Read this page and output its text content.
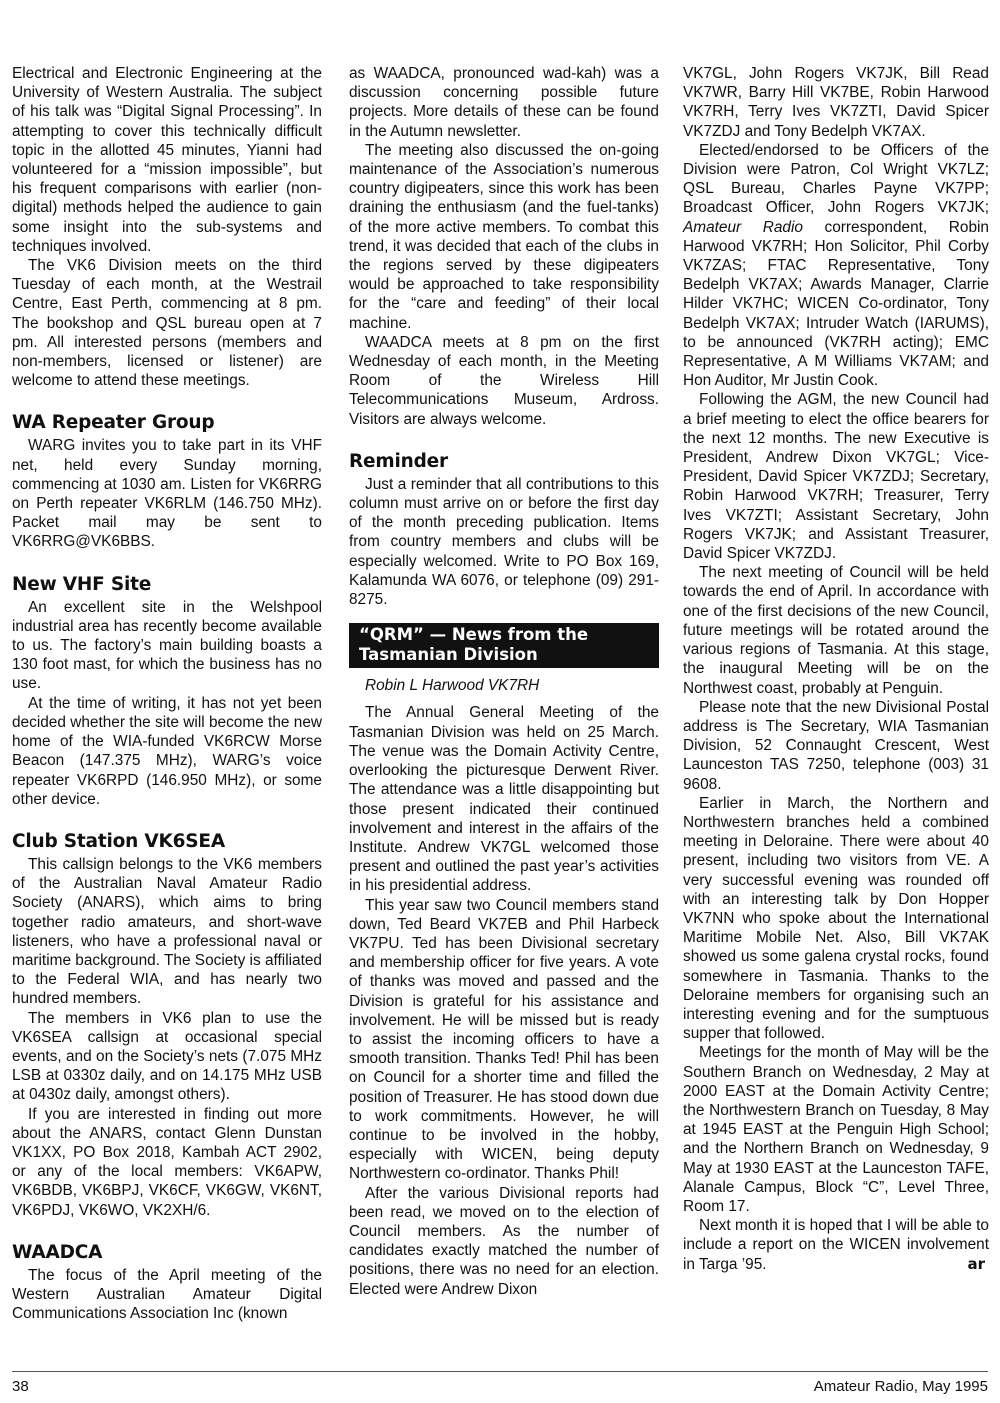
Electrical and Electronic Engineering at the University of Western Australia. The subject of his talk was “Digital Signal Processing”. In attempting to cover this technically difficult topic in the allotted 45 minutes, Yianni had volunteered for a “mission impossible”, but his frequent comparisons with earlier (non-digital) methods helped the audience to gain some insight into the sub-systems and techniques involved.

The VK6 Division meets on the third Tuesday of each month, at the Westrail Centre, East Perth, commencing at 8 pm. The bookshop and QSL bureau open at 7 pm. All interested persons (members and non-members, licensed or listener) are welcome to attend these meetings.

WA Repeater Group

WARG invites you to take part in its VHF net, held every Sunday morning, commencing at 1030 am. Listen for VK6RRG on Perth repeater VK6RLM (146.750 MHz). Packet mail may be sent to VK6RRG@VK6BBS.

New VHF Site

An excellent site in the Welshpool industrial area has recently become available to us. The factory’s main building boasts a 130 foot mast, for which the business has no use.

At the time of writing, it has not yet been decided whether the site will become the new home of the WIA-funded VK6RCW Morse Beacon (147.375 MHz), WARG’s voice repeater VK6RPD (146.950 MHz), or some other device.

Club Station VK6SEA

This callsign belongs to the VK6 members of the Australian Naval Amateur Radio Society (ANARS), which aims to bring together radio amateurs, and short-wave listeners, who have a professional naval or maritime background. The Society is affiliated to the Federal WIA, and has nearly two hundred members.

The members in VK6 plan to use the VK6SEA callsign at occasional special events, and on the Society’s nets (7.075 MHz LSB at 0330z daily, and on 14.175 MHz USB at 0430z daily, amongst others).

If you are interested in finding out more about the ANARS, contact Glenn Dunstan VK1XX, PO Box 2018, Kambah ACT 2902, or any of the local members: VK6APW, VK6BDB, VK6BPJ, VK6CF, VK6GW, VK6NT, VK6PDJ, VK6WO, VK2XH/6.

WAADCA

The focus of the April meeting of the Western Australian Amateur Digital Communications Association Inc (known

as WAADCA, pronounced wad-kah) was a discussion concerning possible future projects. More details of these can be found in the Autumn newsletter.

The meeting also discussed the on-going maintenance of the Association’s numerous country digipeaters, since this work has been draining the enthusiasm (and the fuel-tanks) of the more active members. To combat this trend, it was decided that each of the clubs in the regions served by these digipeaters would be approached to take responsibility for the “care and feeding” of their local machine.

WAADCA meets at 8 pm on the first Wednesday of each month, in the Meeting Room of the Wireless Hill Telecommunications Museum, Ardross. Visitors are always welcome.

Reminder

Just a reminder that all contributions to this column must arrive on or before the first day of the month preceding publication. Items from country members and clubs will be especially welcomed. Write to PO Box 169, Kalamunda WA 6076, or telephone (09) 291-8275.

“QRM” — News from the Tasmanian Division

Robin L Harwood VK7RH

The Annual General Meeting of the Tasmanian Division was held on 25 March. The venue was the Domain Activity Centre, overlooking the picturesque Derwent River. The attendance was a little disappointing but those present indicated their continued involvement and interest in the affairs of the Institute. Andrew VK7GL welcomed those present and outlined the past year’s activities in his presidential address.

This year saw two Council members stand down, Ted Beard VK7EB and Phil Harbeck VK7PU. Ted has been Divisional secretary and membership officer for five years. A vote of thanks was moved and passed and the Division is grateful for his assistance and involvement. He will be missed but is ready to assist the incoming officers to have a smooth transition. Thanks Ted! Phil has been on Council for a shorter time and filled the position of Treasurer. He has stood down due to work commitments. However, he will continue to be involved in the hobby, especially with WICEN, being deputy Northwestern co-ordinator. Thanks Phil!

After the various Divisional reports had been read, we moved on to the election of Council members. As the number of candidates exactly matched the number of positions, there was no need for an election. Elected were Andrew Dixon

VK7GL, John Rogers VK7JK, Bill Read VK7WR, Barry Hill VK7BE, Robin Harwood VK7RH, Terry Ives VK7ZTI, David Spicer VK7ZDJ and Tony Bedelph VK7AX.

Elected/endorsed to be Officers of the Division were Patron, Col Wright VK7LZ; QSL Bureau, Charles Payne VK7PP; Broadcast Officer, John Rogers VK7JK; Amateur Radio correspondent, Robin Harwood VK7RH; Hon Solicitor, Phil Corby VK7ZAS; FTAC Representative, Tony Bedelph VK7AX; Awards Manager, Clarrie Hilder VK7HC; WICEN Co-ordinator, Tony Bedelph VK7AX; Intruder Watch (IARUMS), to be announced (VK7RH acting); EMC Representative, A M Williams VK7AM; and Hon Auditor, Mr Justin Cook.

Following the AGM, the new Council had a brief meeting to elect the office bearers for the next 12 months. The new Executive is President, Andrew Dixon VK7GL; Vice-President, David Spicer VK7ZDJ; Secretary, Robin Harwood VK7RH; Treasurer, Terry Ives VK7ZTI; Assistant Secretary, John Rogers VK7JK; and Assistant Treasurer, David Spicer VK7ZDJ.

The next meeting of Council will be held towards the end of April. In accordance with one of the first decisions of the new Council, future meetings will be rotated around the various regions of Tasmania. At this stage, the inaugural Meeting will be on the Northwest coast, probably at Penguin.

Please note that the new Divisional Postal address is The Secretary, WIA Tasmanian Division, 52 Connaught Crescent, West Launceston TAS 7250, telephone (003) 31 9608.

Earlier in March, the Northern and Northwestern branches held a combined meeting in Deloraine. There were about 40 present, including two visitors from VE. A very successful evening was rounded off with an interesting talk by Don Hopper VK7NN who spoke about the International Maritime Mobile Net. Also, Bill VK7AK showed us some galena crystal rocks, found somewhere in Tasmania. Thanks to the Deloraine members for organising such an interesting evening and for the sumptuous supper that followed.

Meetings for the month of May will be the Southern Branch on Wednesday, 2 May at 2000 EAST at the Domain Activity Centre; the Northwestern Branch on Tuesday, 8 May at 1945 EAST at the Penguin High School; and the Northern Branch on Wednesday, 9 May at 1930 EAST at the Launceston TAFE, Alanale Campus, Block “C”, Level Three, Room 17.

Next month it is hoped that I will be able to include a report on the WICEN involvement in Targa ’95.	ar

38	Amateur Radio, May 1995
